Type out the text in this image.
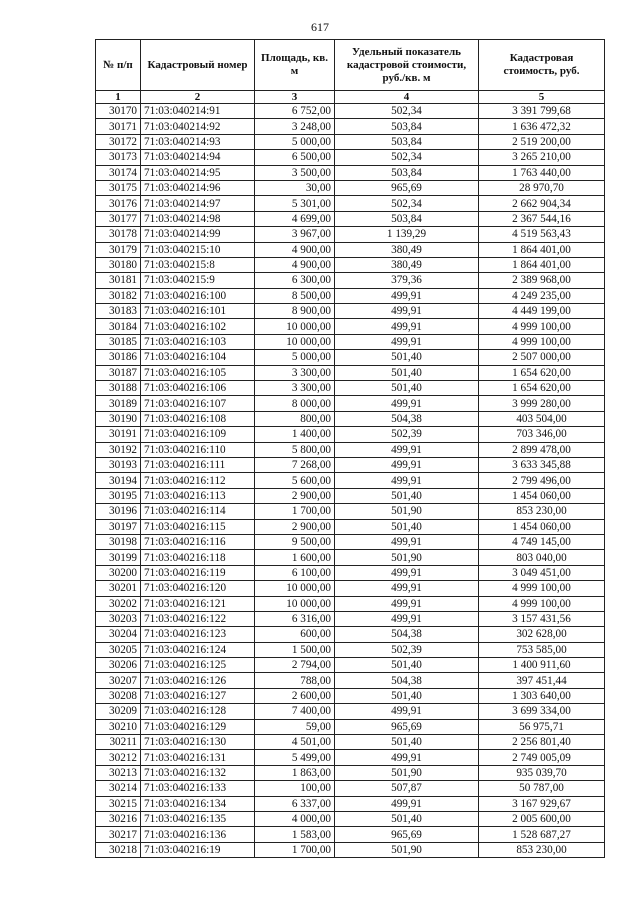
617
№ п/п	Кадастровый номер	Площадь, кв. м	Удельный показатель кадастровой стоимости, руб./кв. м	Кадастровая стоимость, руб.
1	2	3	4	5
30170	71:03:040214:91	6 752,00	502,34	3 391 799,68
30171	71:03:040214:92	3 248,00	503,84	1 636 472,32
30172	71:03:040214:93	5 000,00	503,84	2 519 200,00
30173	71:03:040214:94	6 500,00	502,34	3 265 210,00
30174	71:03:040214:95	3 500,00	503,84	1 763 440,00
30175	71:03:040214:96	30,00	965,69	28 970,70
30176	71:03:040214:97	5 301,00	502,34	2 662 904,34
30177	71:03:040214:98	4 699,00	503,84	2 367 544,16
30178	71:03:040214:99	3 967,00	1 139,29	4 519 563,43
30179	71:03:040215:10	4 900,00	380,49	1 864 401,00
30180	71:03:040215:8	4 900,00	380,49	1 864 401,00
30181	71:03:040215:9	6 300,00	379,36	2 389 968,00
30182	71:03:040216:100	8 500,00	499,91	4 249 235,00
30183	71:03:040216:101	8 900,00	499,91	4 449 199,00
30184	71:03:040216:102	10 000,00	499,91	4 999 100,00
30185	71:03:040216:103	10 000,00	499,91	4 999 100,00
30186	71:03:040216:104	5 000,00	501,40	2 507 000,00
30187	71:03:040216:105	3 300,00	501,40	1 654 620,00
30188	71:03:040216:106	3 300,00	501,40	1 654 620,00
30189	71:03:040216:107	8 000,00	499,91	3 999 280,00
30190	71:03:040216:108	800,00	504,38	403 504,00
30191	71:03:040216:109	1 400,00	502,39	703 346,00
30192	71:03:040216:110	5 800,00	499,91	2 899 478,00
30193	71:03:040216:111	7 268,00	499,91	3 633 345,88
30194	71:03:040216:112	5 600,00	499,91	2 799 496,00
30195	71:03:040216:113	2 900,00	501,40	1 454 060,00
30196	71:03:040216:114	1 700,00	501,90	853 230,00
30197	71:03:040216:115	2 900,00	501,40	1 454 060,00
30198	71:03:040216:116	9 500,00	499,91	4 749 145,00
30199	71:03:040216:118	1 600,00	501,90	803 040,00
30200	71:03:040216:119	6 100,00	499,91	3 049 451,00
30201	71:03:040216:120	10 000,00	499,91	4 999 100,00
30202	71:03:040216:121	10 000,00	499,91	4 999 100,00
30203	71:03:040216:122	6 316,00	499,91	3 157 431,56
30204	71:03:040216:123	600,00	504,38	302 628,00
30205	71:03:040216:124	1 500,00	502,39	753 585,00
30206	71:03:040216:125	2 794,00	501,40	1 400 911,60
30207	71:03:040216:126	788,00	504,38	397 451,44
30208	71:03:040216:127	2 600,00	501,40	1 303 640,00
30209	71:03:040216:128	7 400,00	499,91	3 699 334,00
30210	71:03:040216:129	59,00	965,69	56 975,71
30211	71:03:040216:130	4 501,00	501,40	2 256 801,40
30212	71:03:040216:131	5 499,00	499,91	2 749 005,09
30213	71:03:040216:132	1 863,00	501,90	935 039,70
30214	71:03:040216:133	100,00	507,87	50 787,00
30215	71:03:040216:134	6 337,00	499,91	3 167 929,67
30216	71:03:040216:135	4 000,00	501,40	2 005 600,00
30217	71:03:040216:136	1 583,00	965,69	1 528 687,27
30218	71:03:040216:19	1 700,00	501,90	853 230,00
